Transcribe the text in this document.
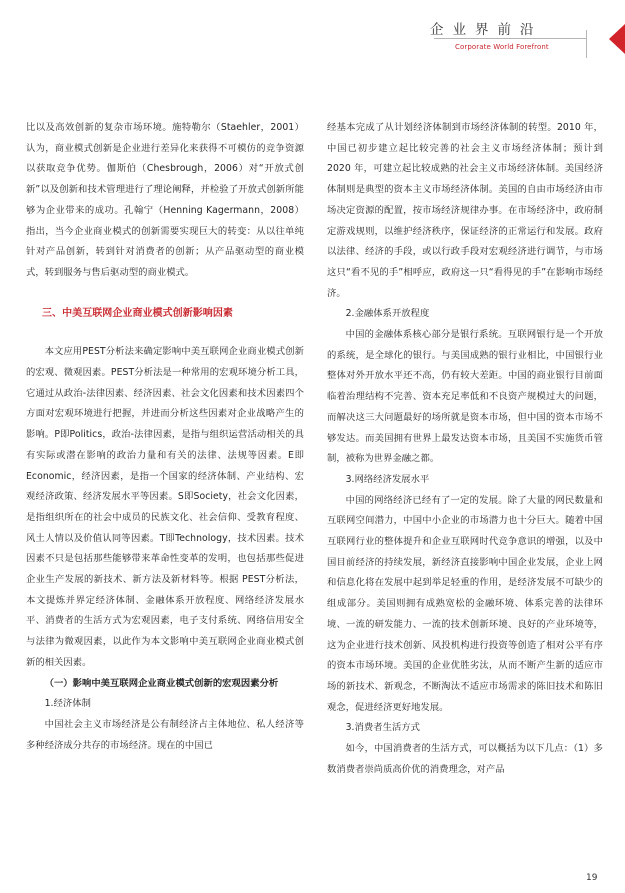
企业界前沿
Corporate World Forefront

比以及高效创新的复杂市场环境。施特勒尔（Staehler，2001）认为，商业模式创新是企业进行差异化来获得不可模仿的竞争资源以获取竞争优势。伽斯伯（Chesbrough，2006）对“开放式创新”以及创新和技术管理进行了理论阐释，并检验了开放式创新所能够为企业带来的成功。孔翰宁（Henning Kagermann，2008）指出，当今企业商业模式的创新需要实现巨大的转变：从以往单纯针对产品创新，转到针对消费者的创新；从产品驱动型的商业模式，转到服务与售后驱动型的商业模式。

三、中美互联网企业商业模式创新影响因素

本文应用PEST分析法来确定影响中美互联网企业商业模式创新的宏观、微观因素。PEST分析法是一种常用的宏观环境分析工具，它通过从政治-法律因素、经济因素、社会文化因素和技术因素四个方面对宏观环境进行把握，并进而分析这些因素对企业战略产生的影响。P即Politics，政治-法律因素，是指与组织运营活动相关的具有实际或潜在影响的政治力量和有关的法律、法规等因素。E即Economic，经济因素，是指一个国家的经济体制、产业结构、宏观经济政策、经济发展水平等因素。S即Society，社会文化因素，是指组织所在的社会中成员的民族文化、社会信仰、受教育程度、风土人情以及价值认同等因素。T即Technology，技术因素。技术因素不只是包括那些能够带来革命性变革的发明，也包括那些促进企业生产发展的新技术、新方法及新材料等。根据 PEST分析法，本文提炼并界定经济体制、金融体系开放程度、网络经济发展水平、消费者的生活方式为宏观因素，电子支付系统、网络信用安全与法律为微观因素，以此作为本文影响中美互联网企业商业模式创新的相关因素。

（一）影响中美互联网企业商业模式创新的宏观因素分析

1.经济体制

中国社会主义市场经济是公有制经济占主体地位、私人经济等多种经济成分共存的市场经济。现在的中国已

经基本完成了从计划经济体制到市场经济体制的转型。2010 年，中国已初步建立起比较完善的社会主义市场经济体制；预计到 2020 年，可建立起比较成熟的社会主义市场经济体制。美国经济体制则是典型的资本主义市场经济体制。美国的自由市场经济由市场决定资源的配置，按市场经济规律办事。在市场经济中，政府制定游戏规则，以维护经济秩序，保证经济的正常运行和发展。政府以法律、经济的手段，或以行政手段对宏观经济进行调节，与市场这只“看不见的手”相呼应，政府这一只“看得见的手”在影响市场经济。

2.金融体系开放程度

中国的金融体系核心部分是银行系统。互联网银行是一个开放的系统，是全球化的银行。与美国成熟的银行业相比，中国银行业整体对外开放水平还不高，仍有较大差距。中国的商业银行目前面临着治理结构不完善、资本充足率低和不良资产规模过大的问题，而解决这三大问题最好的场所就是资本市场，但中国的资本市场不够发达。而美国拥有世界上最发达资本市场，且美国不实施货币管制，被称为世界金融之都。

3.网络经济发展水平

中国的网络经济已经有了一定的发展。除了大量的网民数量和互联网空间潜力，中国中小企业的市场潜力也十分巨大。随着中国互联网行业的整体提升和企业互联网时代竞争意识的增强，以及中国目前经济的持续发展，新经济直接影响中国企业发展，企业上网和信息化将在发展中起到举足轻重的作用，是经济发展不可缺少的组成部分。美国则拥有成熟宽松的金融环境、体系完善的法律环境、一流的研发能力、一流的技术创新环境、良好的产业环境等，这为企业进行技术创新、风投机构进行投资等创造了相对公平有序的资本市场环境。美国的企业优胜劣汰，从而不断产生新的适应市场的新技术、新观念，不断淘汰不适应市场需求的陈旧技术和陈旧观念，促进经济更好地发展。

3.消费者生活方式

如今，中国消费者的生活方式，可以概括为以下几点：（1）多数消费者崇尚质高价优的消费理念，对产品

19
